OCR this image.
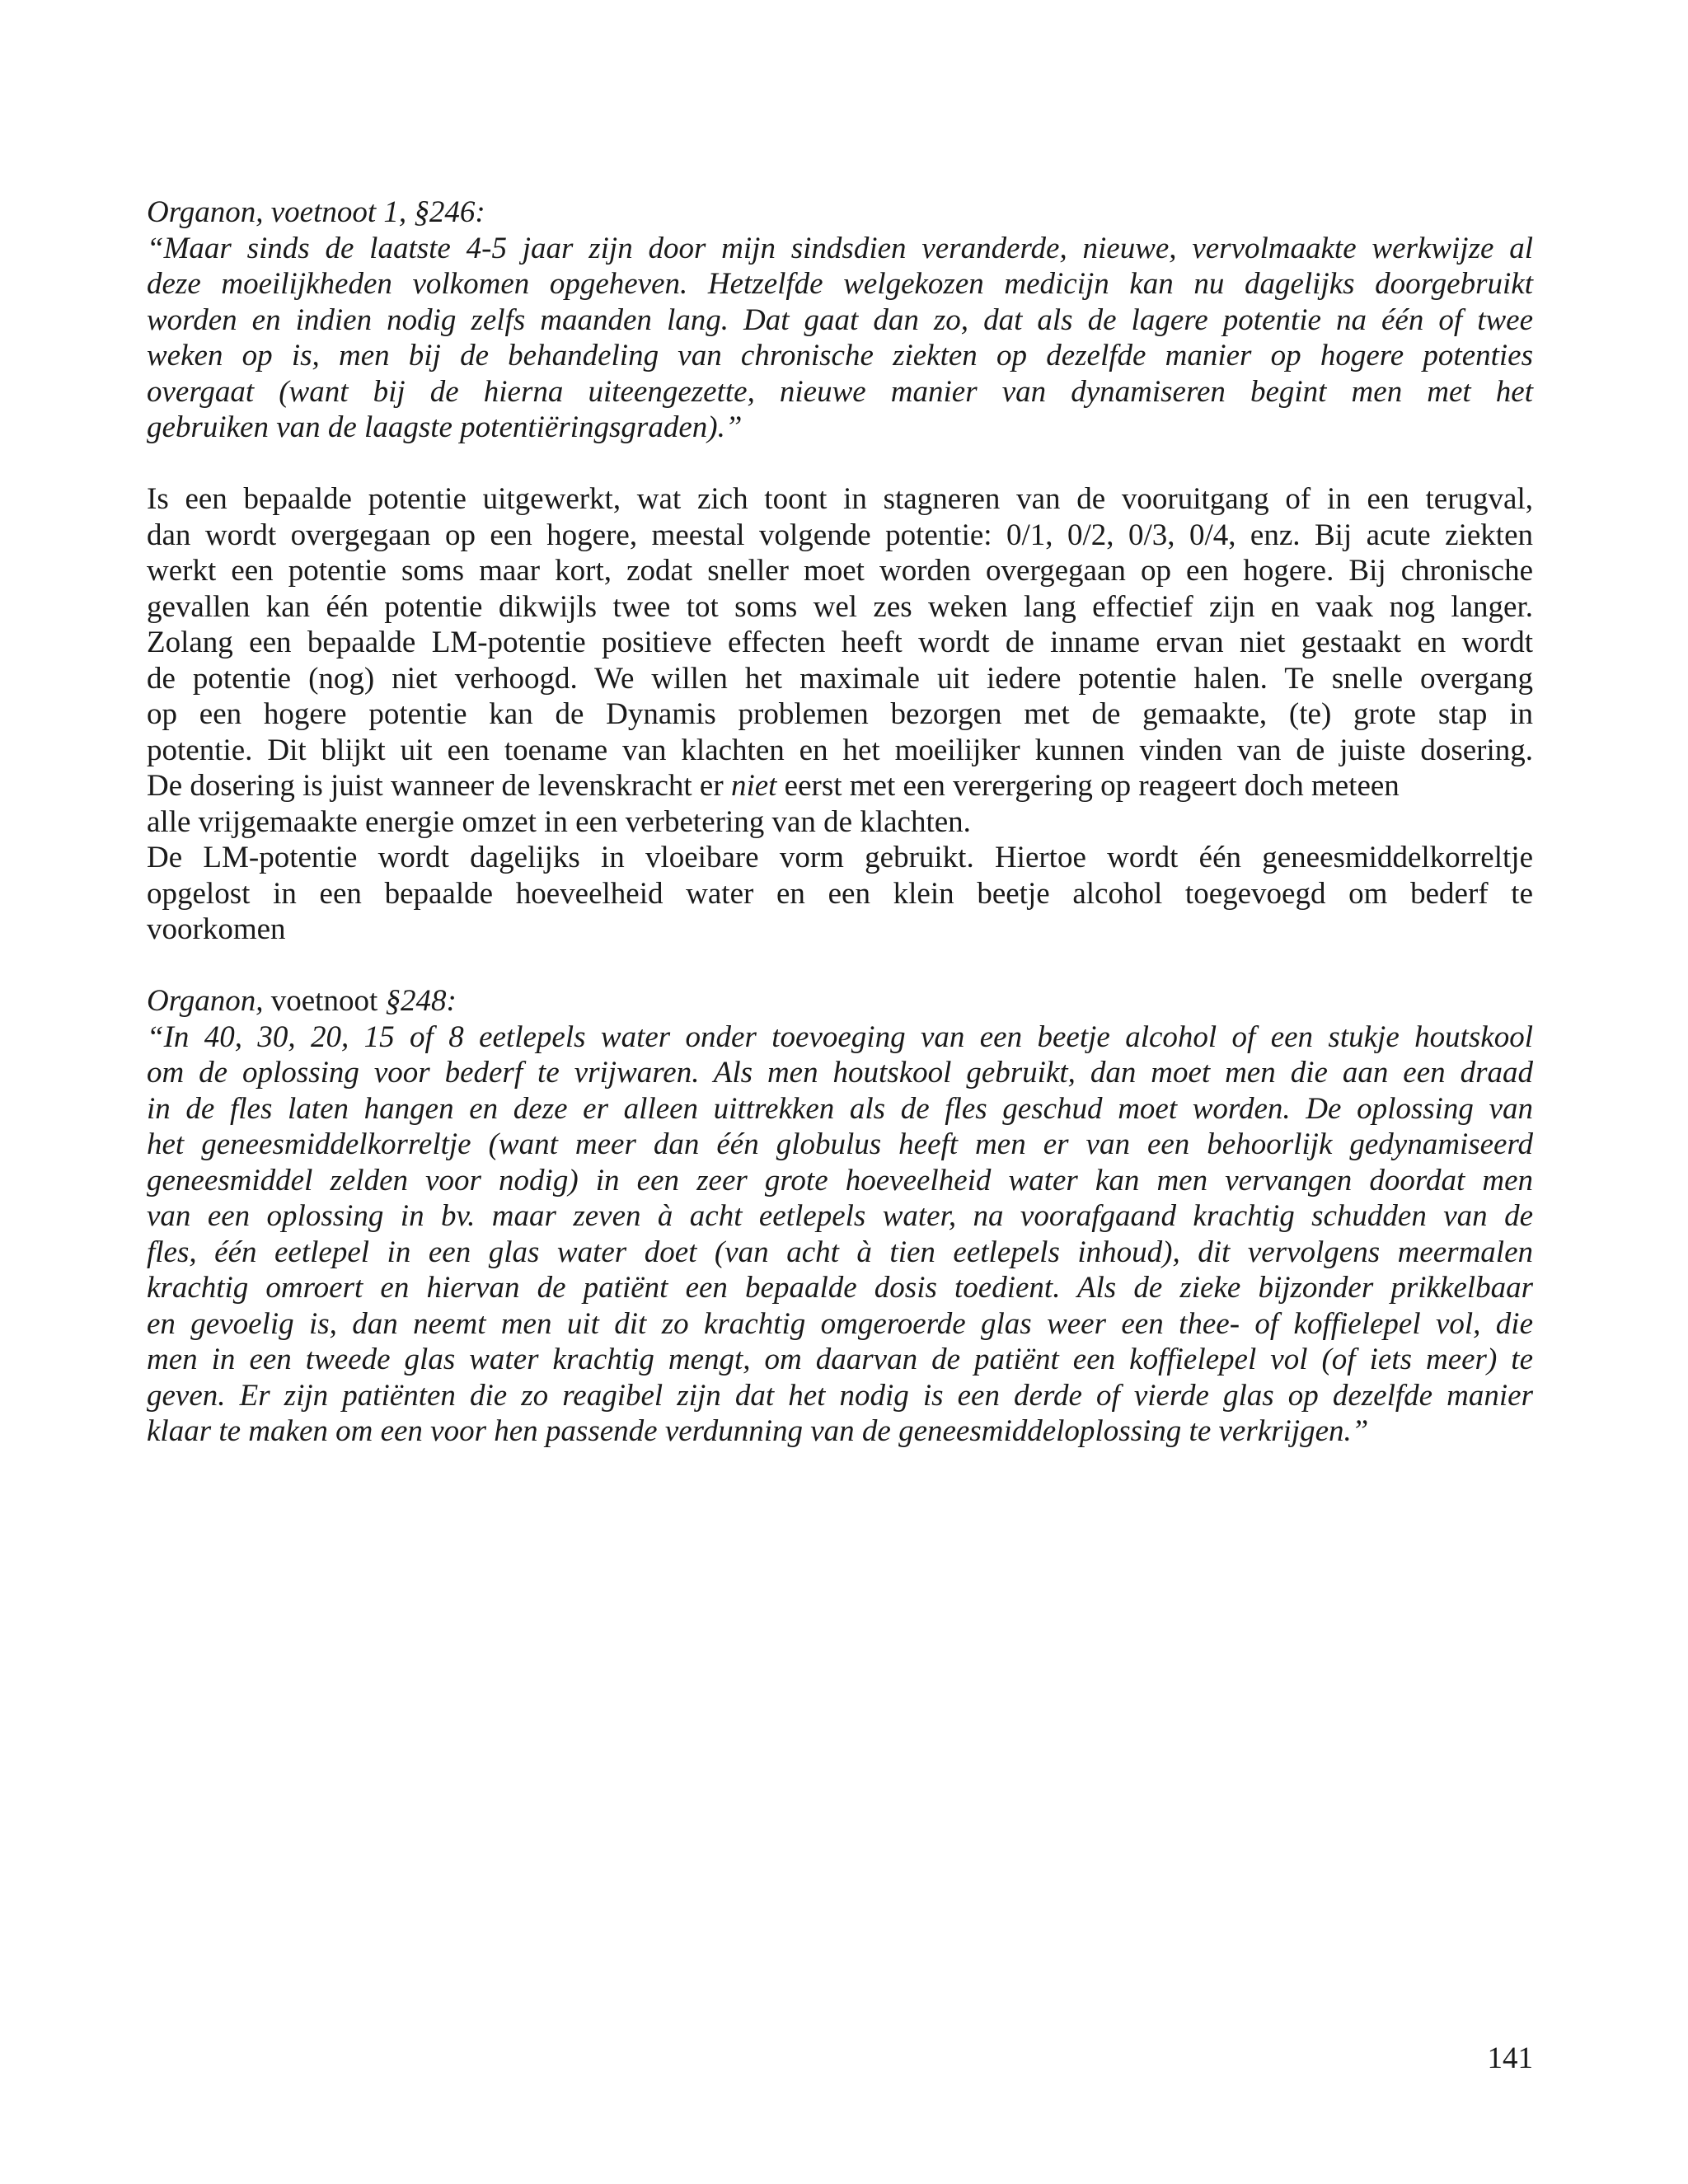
Organon, voetnoot 1, §246:
“Maar sinds de laatste 4-5 jaar zijn door mijn sindsdien veranderde, nieuwe, vervolmaakte werkwijze al
deze moeilijkheden volkomen opgeheven. Hetzelfde welgekozen medicijn kan nu dagelijks doorgebruikt
worden en indien nodig zelfs maanden lang. Dat gaat dan zo, dat als de lagere potentie na één of twee
weken op is, men bij de behandeling van chronische ziekten op dezelfde manier op hogere potenties
overgaat (want bij de hierna uiteengezette, nieuwe manier van dynamiseren begint men met het
gebruiken van de laagste potentiëringsgraden).”
Is een bepaalde potentie uitgewerkt, wat zich toont in stagneren van de vooruitgang of in een terugval,
dan wordt overgegaan op een hogere, meestal volgende potentie: 0/1, 0/2, 0/3, 0/4, enz. Bij acute ziekten
werkt een potentie soms maar kort, zodat sneller moet worden overgegaan op een hogere. Bij chronische
gevallen kan één potentie dikwijls twee tot soms wel zes weken lang effectief zijn en vaak nog langer.
Zolang een bepaalde LM-potentie positieve effecten heeft wordt de inname ervan niet gestaakt en wordt
de potentie (nog) niet verhoogd. We willen het maximale uit iedere potentie halen. Te snelle overgang
op een hogere potentie kan de Dynamis problemen bezorgen met de gemaakte, (te) grote stap in
potentie. Dit blijkt uit een toename van klachten en het moeilijker kunnen vinden van de juiste dosering.
De dosering is juist wanneer de levenskracht er niet eerst met een verergering op reageert doch meteen
alle vrijgemaakte energie omzet in een verbetering van de klachten.
De LM-potentie wordt dagelijks in vloeibare vorm gebruikt. Hiertoe wordt één geneesmiddelkorreltje
opgelost in een bepaalde hoeveelheid water en een klein beetje alcohol toegevoegd om bederf te
voorkomen
Organon, voetnoot §248:
“In 40, 30, 20, 15 of 8 eetlepels water onder toevoeging van een beetje alcohol of een stukje houtskool
om de oplossing voor bederf te vrijwaren. Als men houtskool gebruikt, dan moet men die aan een draad
in de fles laten hangen en deze er alleen uittrekken als de fles geschud moet worden. De oplossing van
het geneesmiddelkorreltje (want meer dan één globulus heeft men er van een behoorlijk gedynamiseerd
geneesmiddel zelden voor nodig) in een zeer grote hoeveelheid water kan men vervangen doordat men
van een oplossing in bv. maar zeven à acht eetlepels water, na voorafgaand krachtig schudden van de
fles, één eetlepel in een glas water doet (van acht à tien eetlepels inhoud), dit vervolgens meermalen
krachtig omroert en hiervan de patiënt een bepaalde dosis toedient. Als de zieke bijzonder prikkelbaar
en gevoelig is, dan neemt men uit dit zo krachtig omgeroerde glas weer een thee- of koffielepel vol, die
men in een tweede glas water krachtig mengt, om daarvan de patiënt een koffielepel vol (of iets meer) te
geven. Er zijn patiënten die zo reagibel zijn dat het nodig is een derde of vierde glas op dezelfde manier
klaar te maken om een voor hen passende verdunning van de geneesmiddeloplossing te verkrijgen.”
141
